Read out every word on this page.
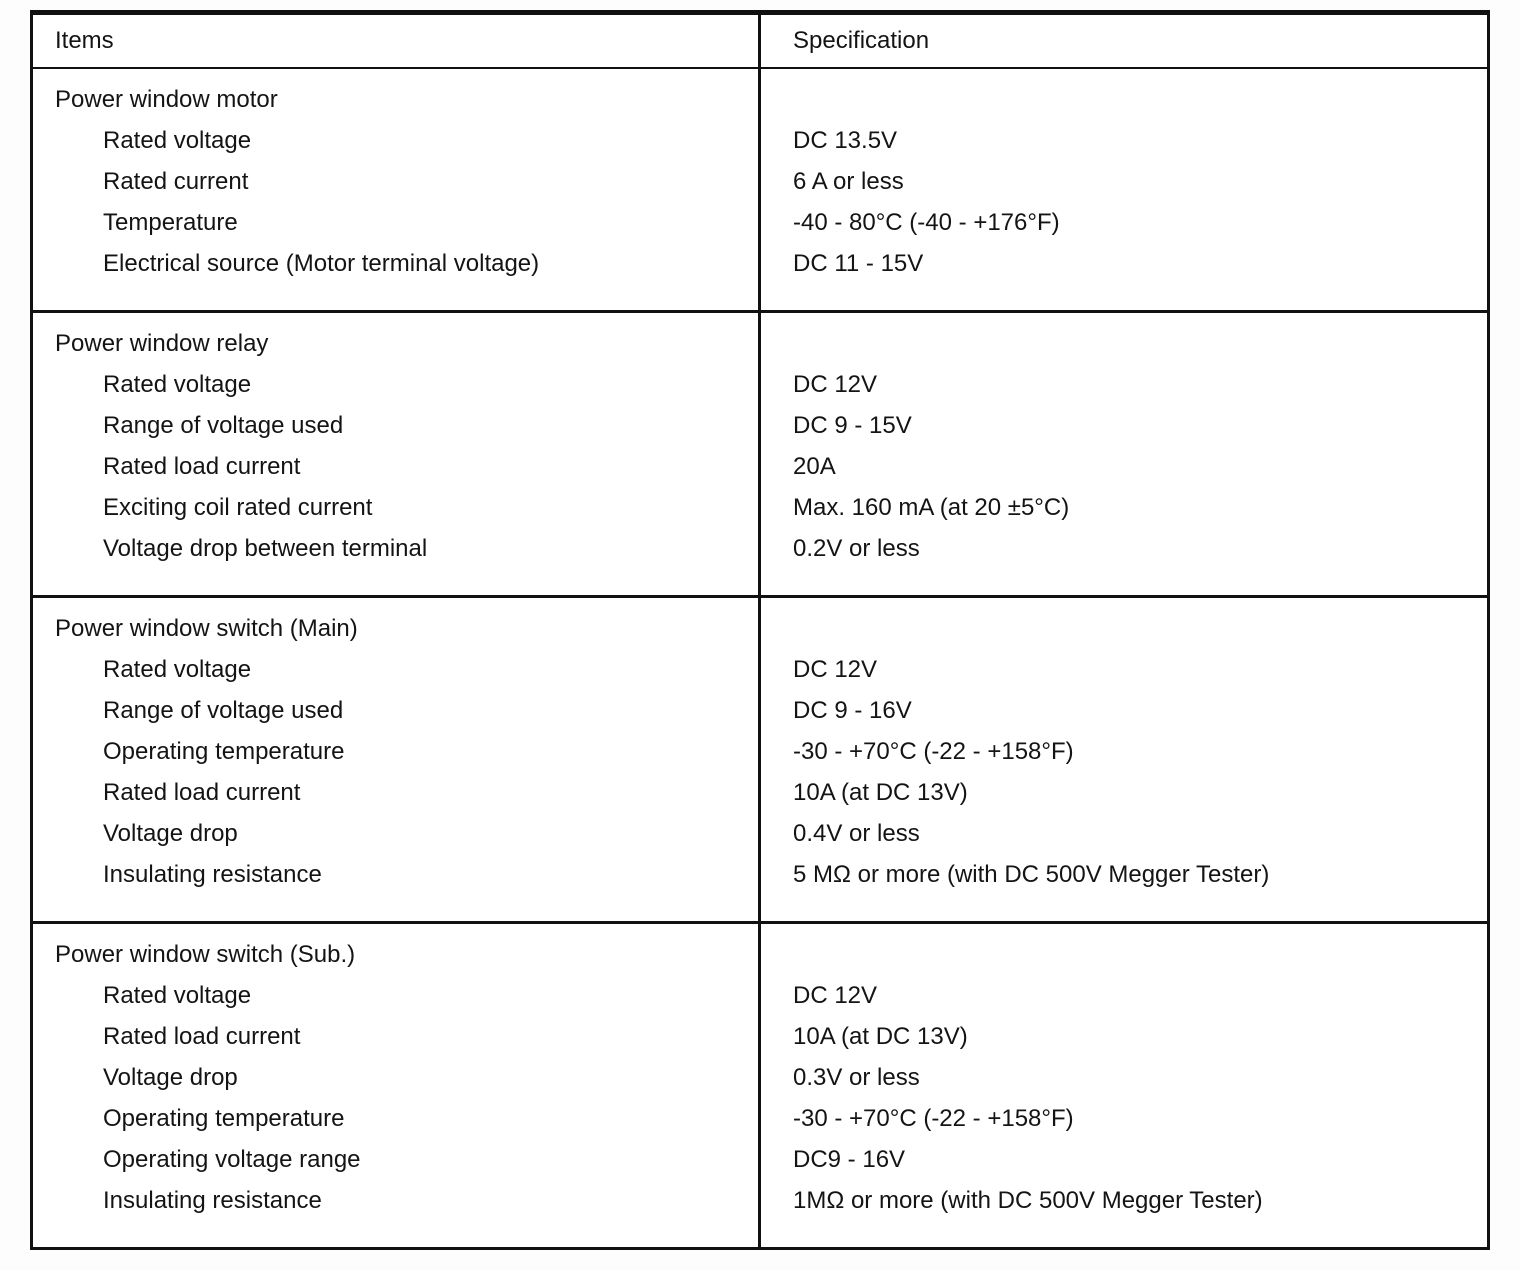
Items	Specification
Power window motor
Rated voltage
Rated current
Temperature
Electrical source (Motor terminal voltage)
DC 13.5V
6 A or less
-40 - 80°C (-40 - +176°F)
DC 11 - 15V
Power window relay
Rated voltage
Range of voltage used
Rated load current
Exciting coil rated current
Voltage drop between terminal
DC 12V
DC 9 - 15V
20A
Max. 160 mA (at 20 ±5°C)
0.2V or less
Power window switch (Main)
Rated voltage
Range of voltage used
Operating temperature
Rated load current
Voltage drop
Insulating resistance
DC 12V
DC 9 - 16V
-30 - +70°C (-22 - +158°F)
10A (at DC 13V)
0.4V or less
5 MΩ or more (with DC 500V Megger Tester)
Power window switch (Sub.)
Rated voltage
Rated load current
Voltage drop
Operating temperature
Operating voltage range
Insulating resistance
DC 12V
10A (at DC 13V)
0.3V or less
-30 - +70°C (-22 - +158°F)
DC9 - 16V
1MΩ or more (with DC 500V Megger Tester)
